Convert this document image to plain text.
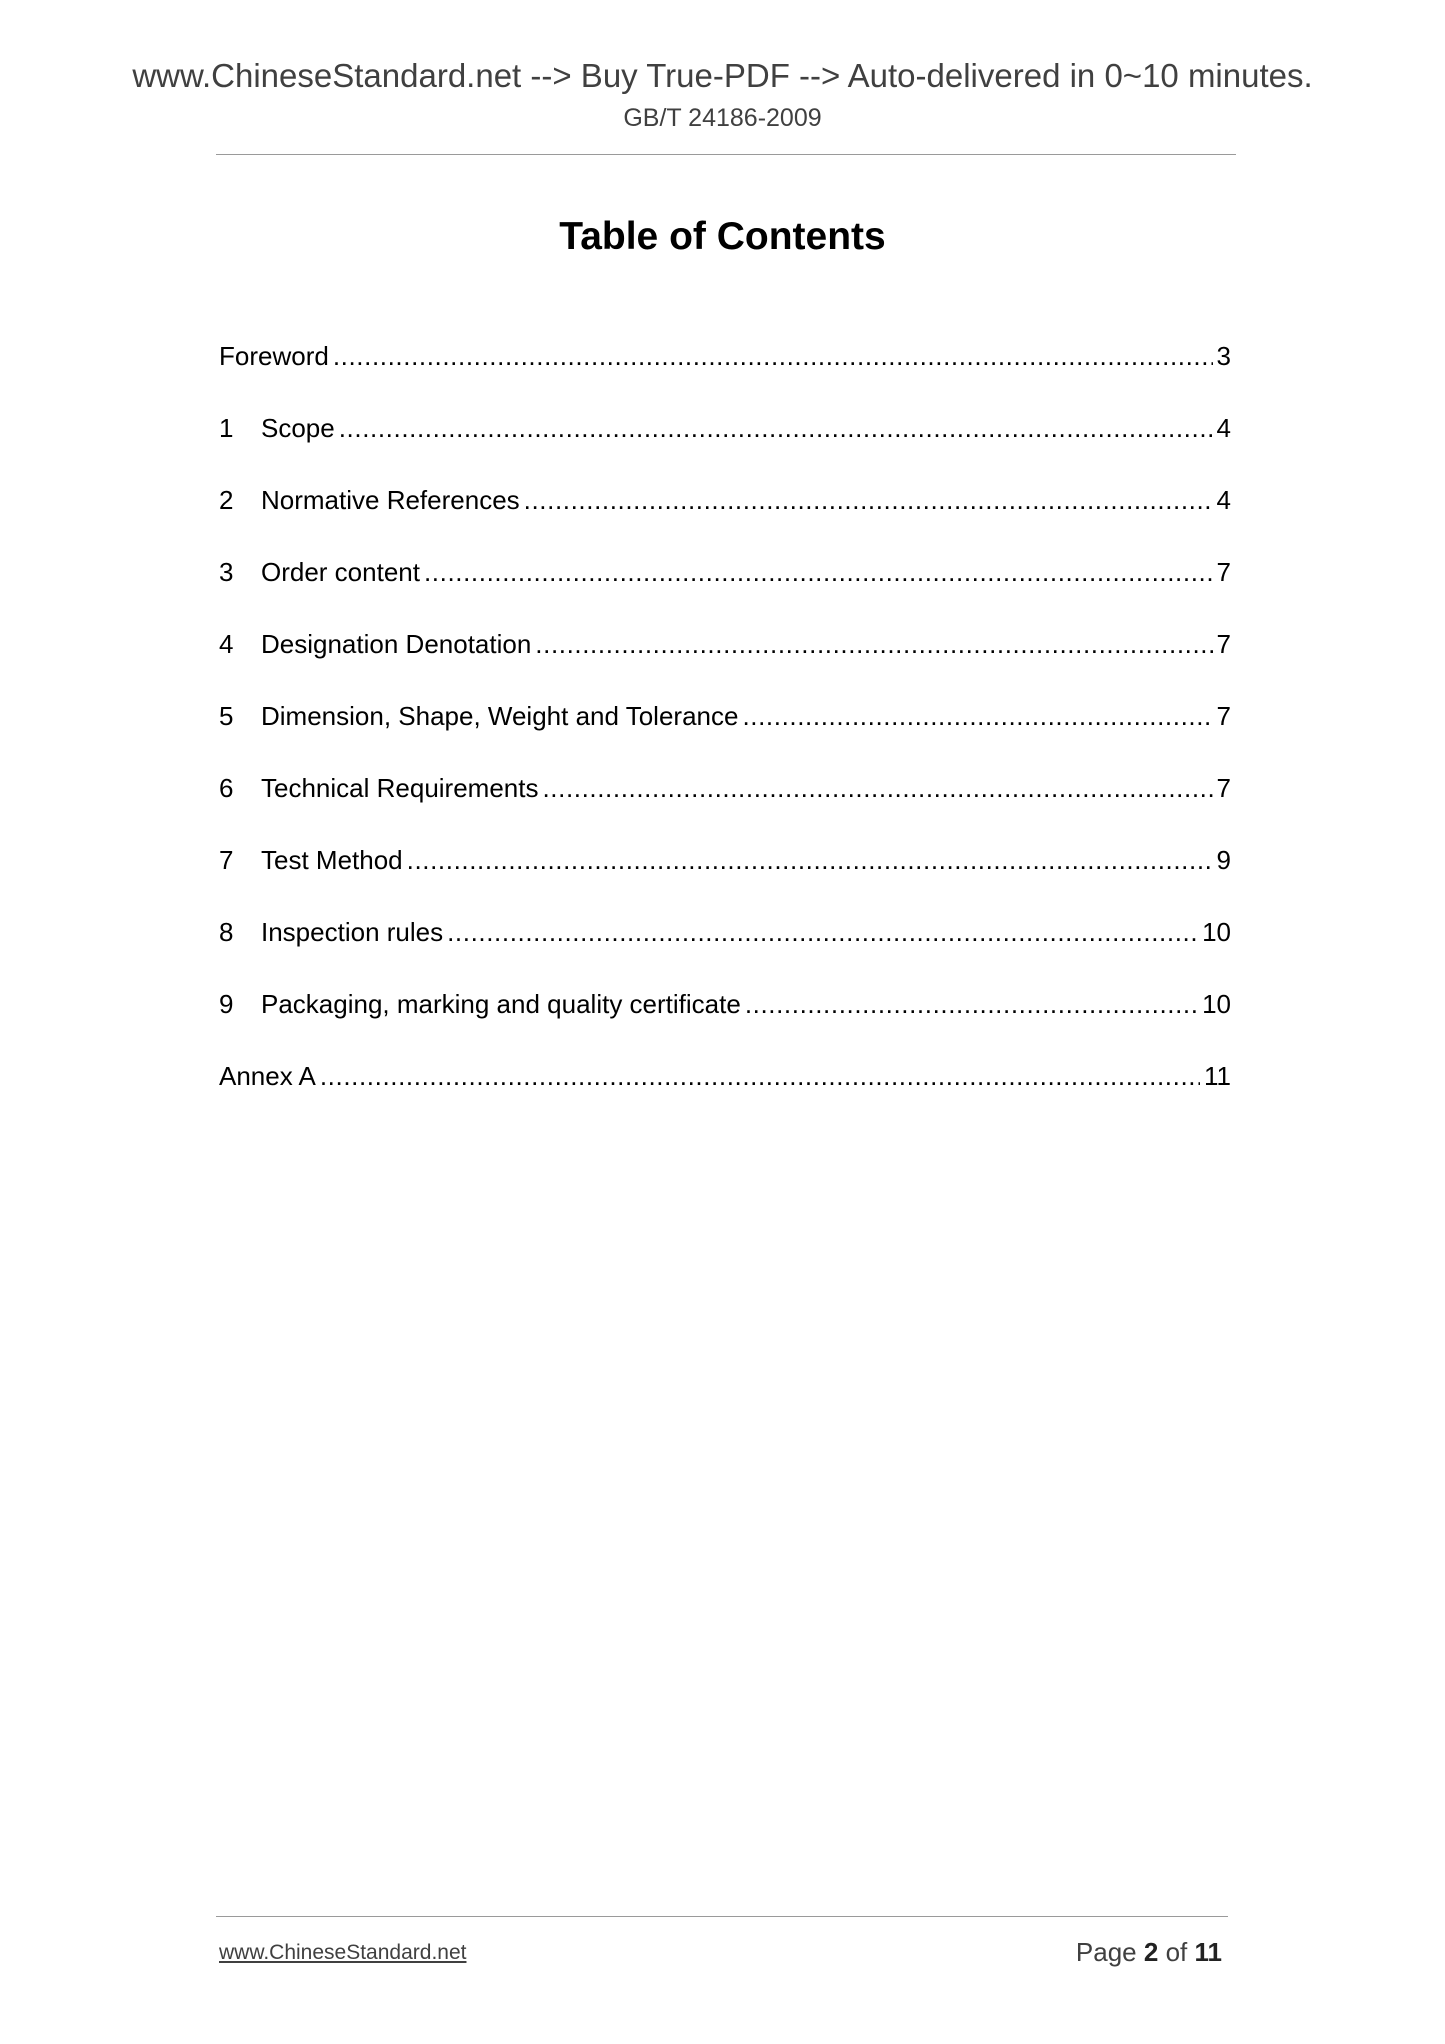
www.ChineseStandard.net --> Buy True-PDF --> Auto-delivered in 0~10 minutes.
GB/T 24186-2009
Table of Contents
Foreword .....	3
1	Scope .....	4
2	Normative References .....	4
3	Order content .....	7
4	Designation Denotation .....	7
5	Dimension, Shape, Weight and Tolerance .....	7
6	Technical Requirements .....	7
7	Test Method .....	9
8	Inspection rules .....	10
9	Packaging, marking and quality certificate .....	10
Annex A .....	11
www.ChineseStandard.net	Page 2 of 11
